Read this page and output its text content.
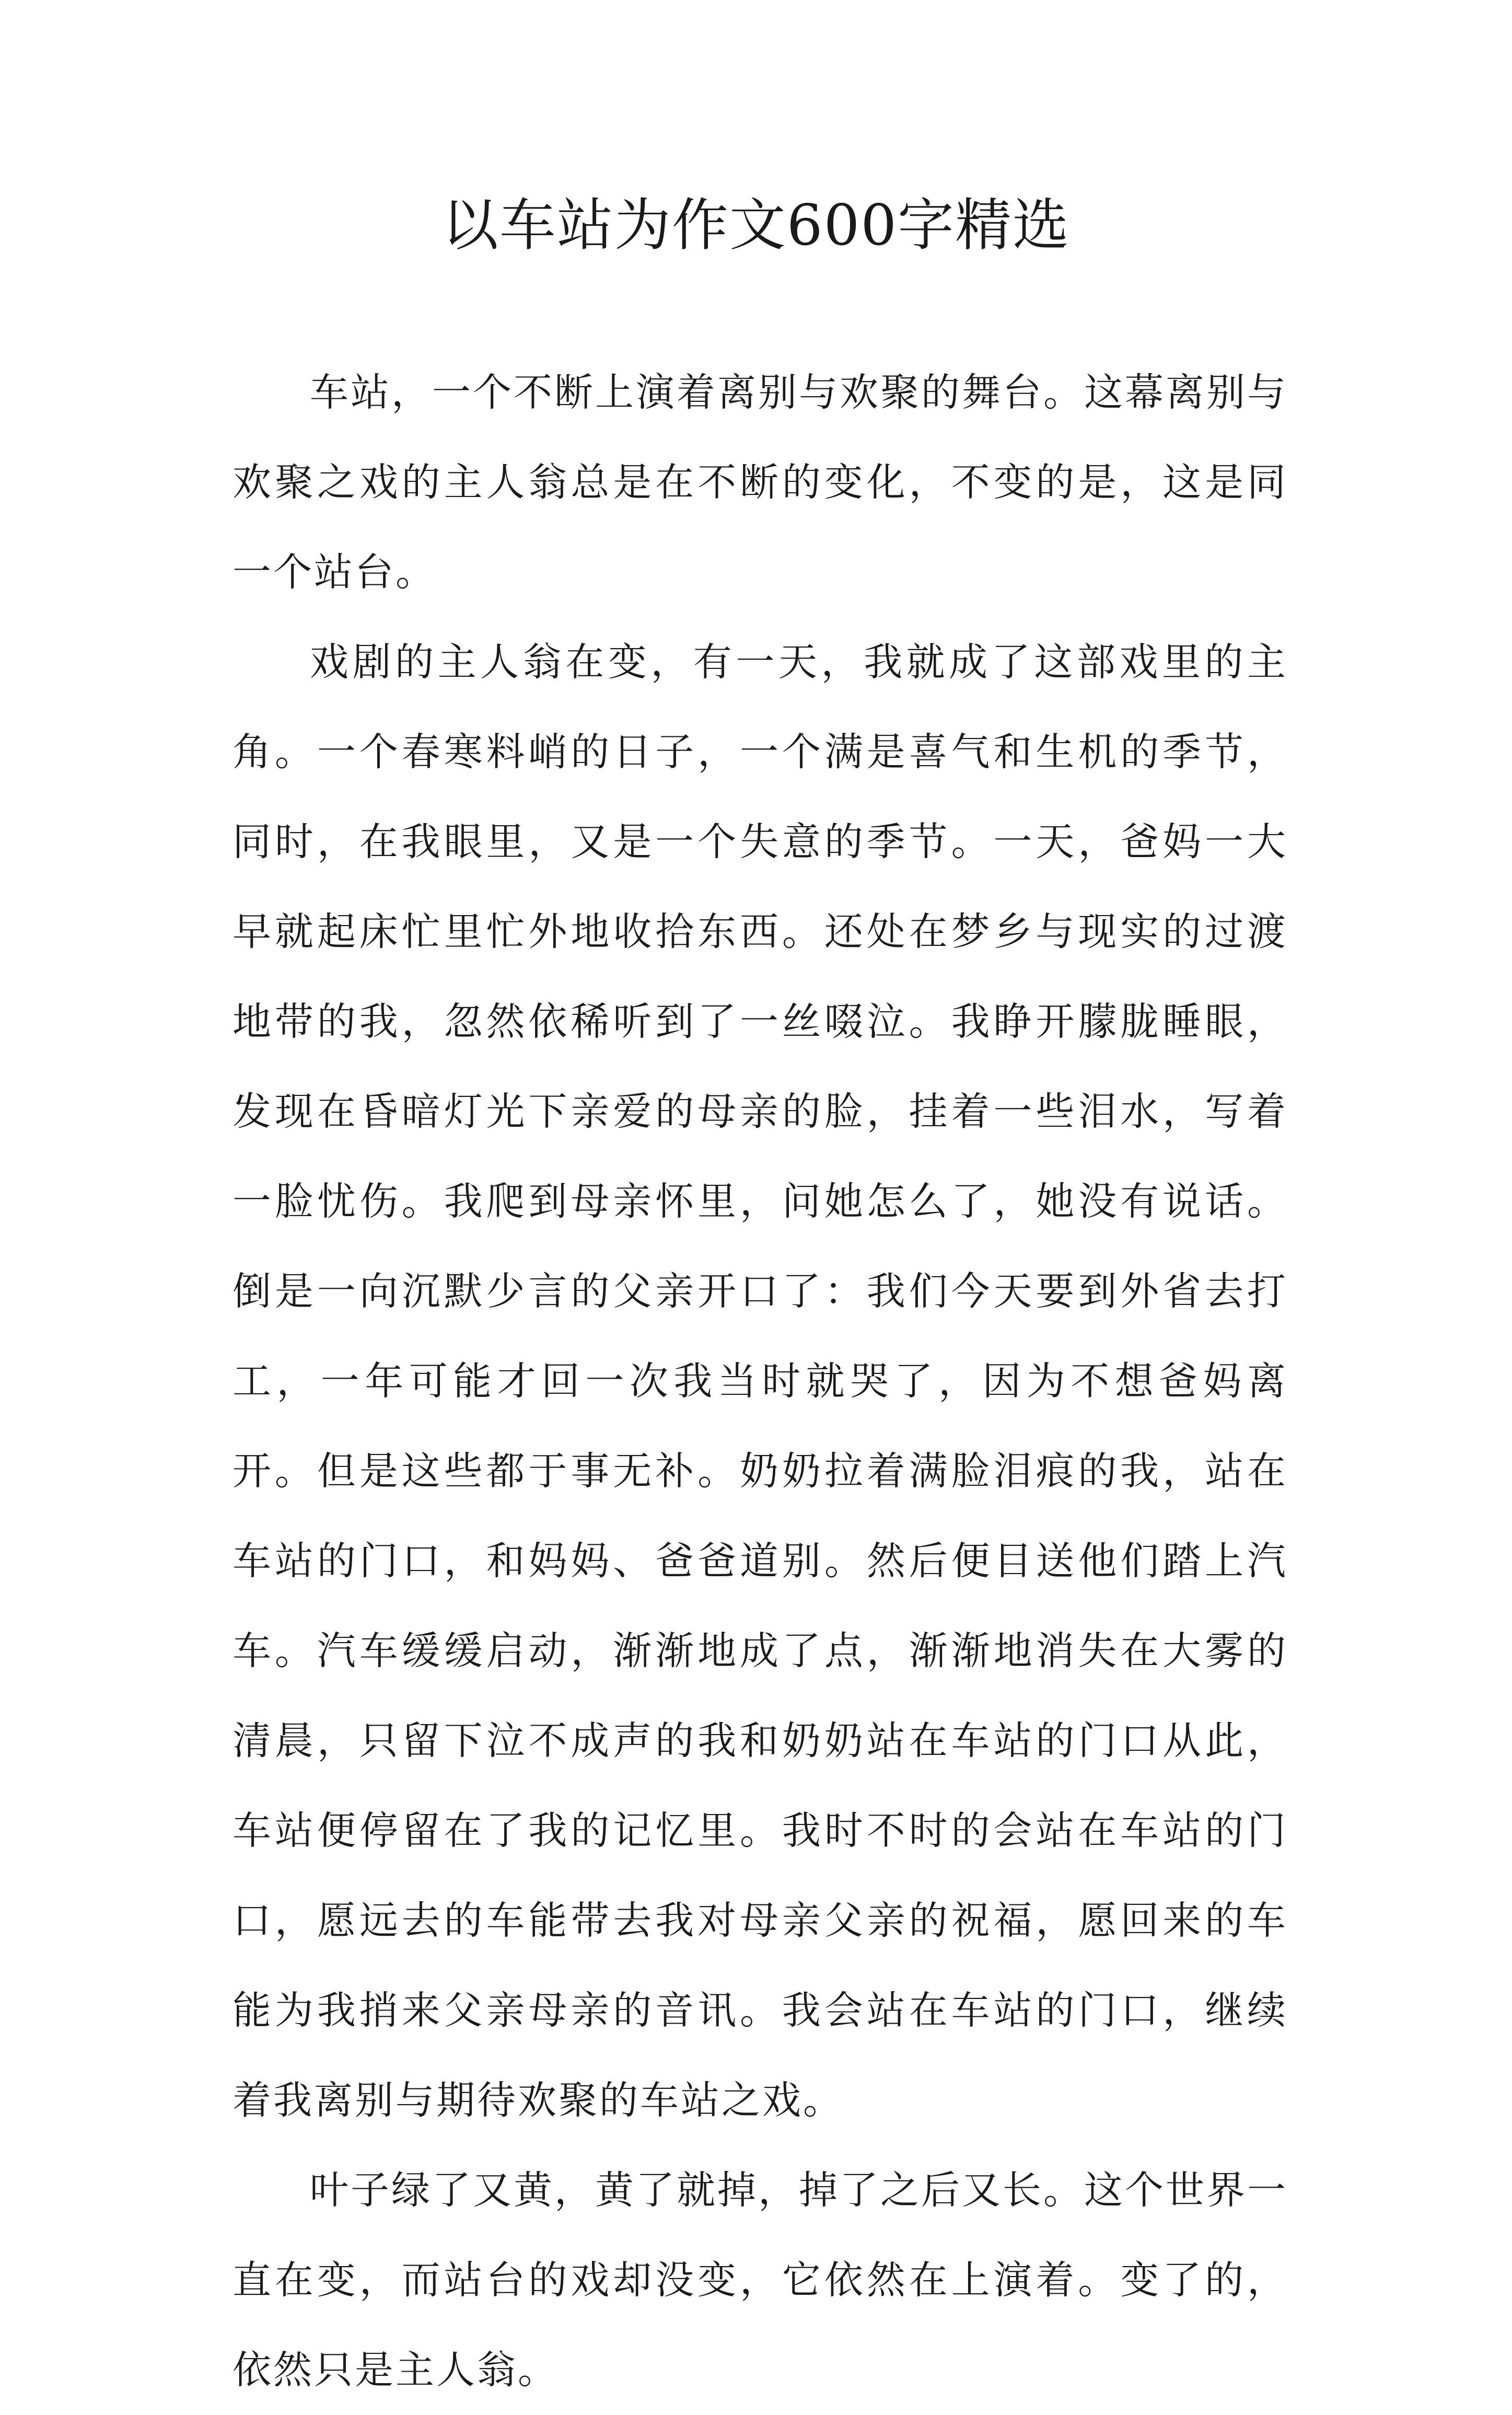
以车站为作文600字精选

车站，一个不断上演着离别与欢聚的舞台。这幕离别与欢聚之戏的主人翁总是在不断的变化，不变的是，这是同一个站台。

戏剧的主人翁在变，有一天，我就成了这部戏里的主角。一个春寒料峭的日子，一个满是喜气和生机的季节，同时，在我眼里，又是一个失意的季节。一天，爸妈一大早就起床忙里忙外地收拾东西。还处在梦乡与现实的过渡地带的我，忽然依稀听到了一丝啜泣。我睁开朦胧睡眼，发现在昏暗灯光下亲爱的母亲的脸，挂着一些泪水，写着一脸忧伤。我爬到母亲怀里，问她怎么了，她没有说话。倒是一向沉默少言的父亲开口了：我们今天要到外省去打工，一年可能才回一次我当时就哭了，因为不想爸妈离开。但是这些都于事无补。奶奶拉着满脸泪痕的我，站在车站的门口，和妈妈、爸爸道别。然后便目送他们踏上汽车。汽车缓缓启动，渐渐地成了点，渐渐地消失在大雾的清晨，只留下泣不成声的我和奶奶站在车站的门口从此，车站便停留在了我的记忆里。我时不时的会站在车站的门口，愿远去的车能带去我对母亲父亲的祝福，愿回来的车能为我捎来父亲母亲的音讯。我会站在车站的门口，继续着我离别与期待欢聚的车站之戏。

叶子绿了又黄，黄了就掉，掉了之后又长。这个世界一直在变，而站台的戏却没变，它依然在上演着。变了的，依然只是主人翁。
